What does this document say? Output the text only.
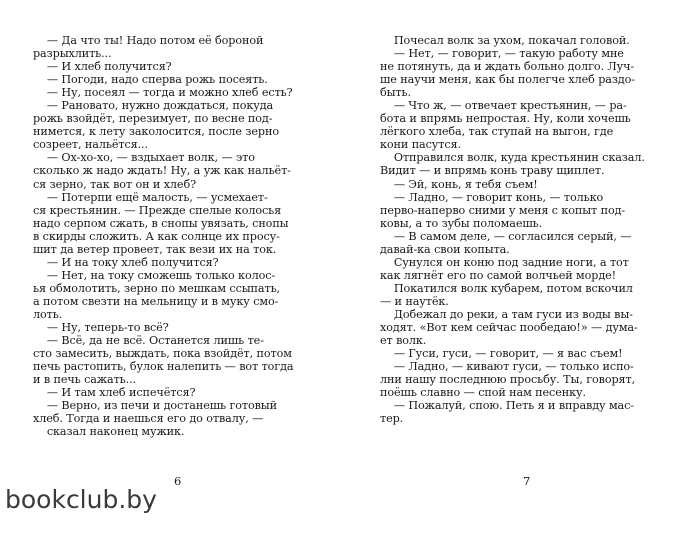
— Да что ты! Надо потом её бороной
разрыхлить...
— И хлеб получится?
— Погоди, надо сперва рожь посеять.
— Ну, посеял — тогда и можно хлеб есть?
— Рановато, нужно дождаться, покуда
рожь взойдёт, перезимует, по весне под-
нимется, к лету заколосится, после зерно
созреет, нальётся...
— Ох-хо-хо, — вздыхает волк, — это
сколько ж надо ждать! Ну, а уж как нальёт-
ся зерно, так вот он и хлеб?
— Потерпи ещё малость, — усмехает-
ся крестьянин. — Прежде спелые колосья
надо серпом сжать, в снопы увязать, снопы
в скирды сложить. А как солнце их просу-
шит да ветер провеет, так вези их на ток.
— И на току хлеб получится?
— Нет, на току сможешь только колос-
ья обмолотить, зерно по мешкам ссыпать,
а потом свезти на мельницу и в муку смо-
лоть.
— Ну, теперь-то всё?
— Всё, да не всё. Останется лишь те-
сто замесить, выждать, пока взойдёт, потом
печь растопить, булок налепить — вот тогда
и в печь сажать...
— И там хлеб испечётся?
— Верно, из печи и достанешь готовый
хлеб. Тогда и наешься его до отвалу, —
сказал наконец мужик.
Почесал волк за ухом, покачал головой.
— Нет, — говорит, — такую работу мне
не потянуть, да и ждать больно долго. Луч-
ше научи меня, как бы полегче хлеб раздо-
быть.
— Что ж, — отвечает крестьянин, — ра-
бота и впрямь непростая. Ну, коли хочешь
лёгкого хлеба, так ступай на выгон, где
кони пасутся.
Отправился волк, куда крестьянин сказал.
Видит — и впрямь конь траву щиплет.
— Эй, конь, я тебя съем!
— Ладно, — говорит конь, — только
перво-наперво сними у меня с копыт под-
ковы, а то зубы поломаешь.
— В самом деле, — согласился серый, —
давай-ка свои копыта.
Сунулся он коню под задние ноги, а тот
как лягнёт его по самой волчьей морде!
Покатился волк кубарем, потом вскочил
— и наутёк.
Добежал до реки, а там гуси из воды вы-
ходят. «Вот кем сейчас пообедаю!» — дума-
ет волк.
— Гуси, гуси, — говорит, — я вас съем!
— Ладно, — кивают гуси, — только испо-
лни нашу последнюю просьбу. Ты, говорят,
поёшь славно — спой нам песенку.
— Пожалуй, спою. Петь я и вправду мас-
тер.
6	7
bookclub.by
